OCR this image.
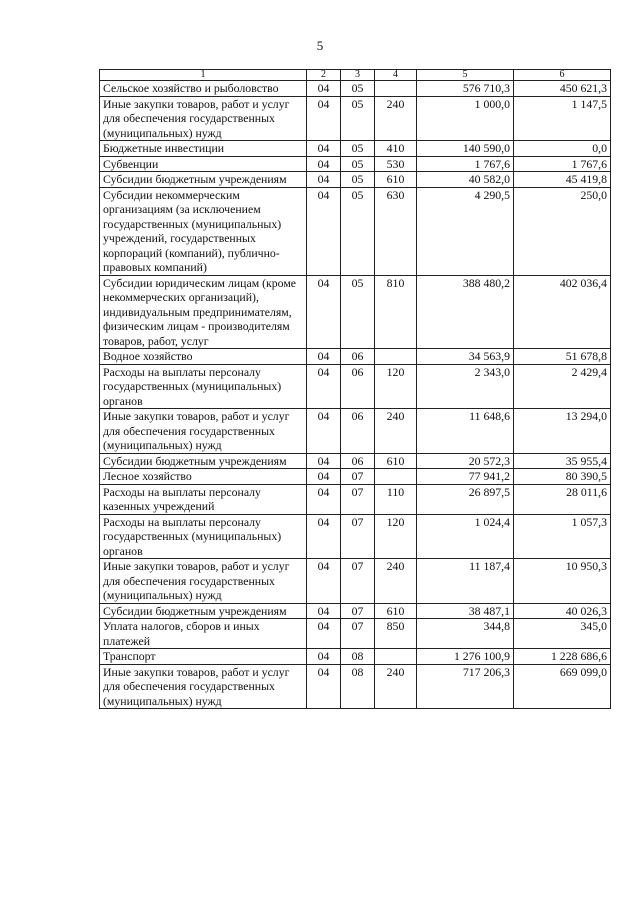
5
1	2	3	4	5	6
Сельское хозяйство и рыболовство	04	05		576 710,3	450 621,3
Иные закупки товаров, работ и услуг для обеспечения государственных (муниципальных) нужд	04	05	240	1 000,0	1 147,5
Бюджетные инвестиции	04	05	410	140 590,0	0,0
Субвенции	04	05	530	1 767,6	1 767,6
Субсидии бюджетным учреждениям	04	05	610	40 582,0	45 419,8
Субсидии некоммерческим организациям (за исключением государственных (муниципальных) учреждений, государственных корпораций (компаний), публично-правовых компаний)	04	05	630	4 290,5	250,0
Субсидии юридическим лицам (кроме некоммерческих организаций), индивидуальным предпринимателям, физическим лицам - производителям товаров, работ, услуг	04	05	810	388 480,2	402 036,4
Водное хозяйство	04	06		34 563,9	51 678,8
Расходы на выплаты персоналу государственных (муниципальных) органов	04	06	120	2 343,0	2 429,4
Иные закупки товаров, работ и услуг для обеспечения государственных (муниципальных) нужд	04	06	240	11 648,6	13 294,0
Субсидии бюджетным учреждениям	04	06	610	20 572,3	35 955,4
Лесное хозяйство	04	07		77 941,2	80 390,5
Расходы на выплаты персоналу казенных учреждений	04	07	110	26 897,5	28 011,6
Расходы на выплаты персоналу государственных (муниципальных) органов	04	07	120	1 024,4	1 057,3
Иные закупки товаров, работ и услуг для обеспечения государственных (муниципальных) нужд	04	07	240	11 187,4	10 950,3
Субсидии бюджетным учреждениям	04	07	610	38 487,1	40 026,3
Уплата налогов, сборов и иных платежей	04	07	850	344,8	345,0
Транспорт	04	08		1 276 100,9	1 228 686,6
Иные закупки товаров, работ и услуг для обеспечения государственных (муниципальных) нужд	04	08	240	717 206,3	669 099,0
